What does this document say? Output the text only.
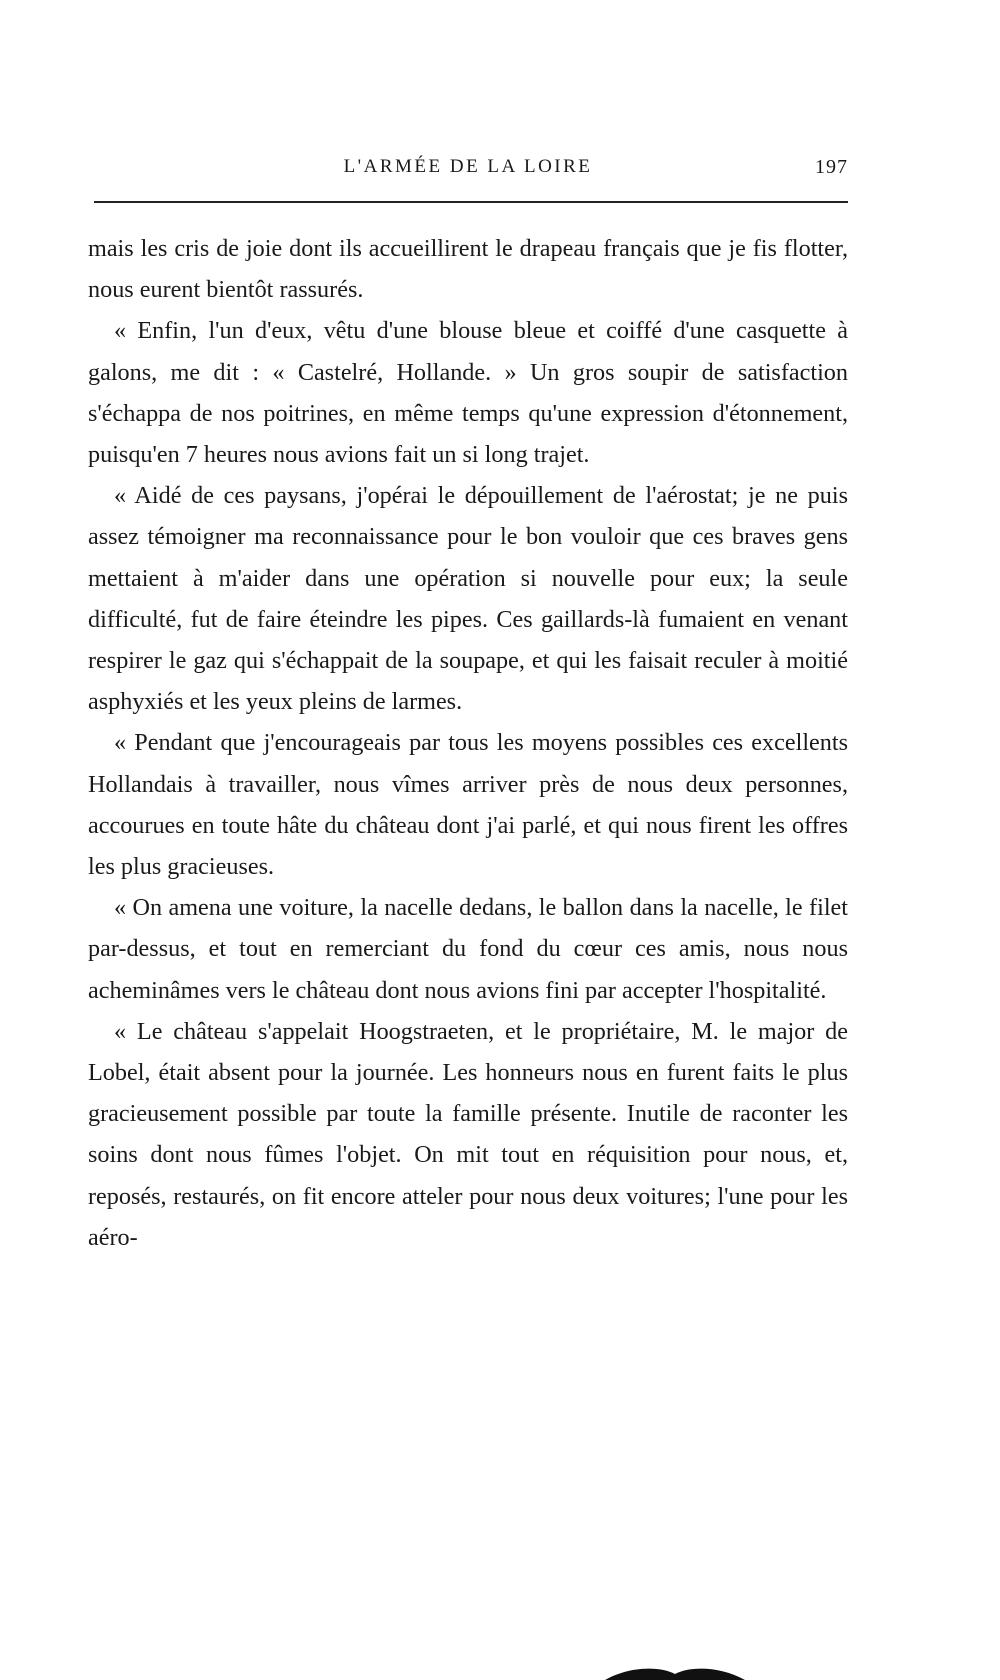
L'ARMÉE DE LA LOIRE	197

mais les cris de joie dont ils accueillirent le drapeau français que je fis flotter, nous eurent bientôt rassurés.

« Enfin, l'un d'eux, vêtu d'une blouse bleue et coiffé d'une casquette à galons, me dit : « Castelré, Hollande. » Un gros soupir de satisfaction s'échappa de nos poitrines, en même temps qu'une expression d'étonnement, puisqu'en 7 heures nous avions fait un si long trajet.

« Aidé de ces paysans, j'opérai le dépouillement de l'aérostat; je ne puis assez témoigner ma reconnaissance pour le bon vouloir que ces braves gens mettaient à m'aider dans une opération si nouvelle pour eux; la seule difficulté, fut de faire éteindre les pipes. Ces gaillards-là fumaient en venant respirer le gaz qui s'échappait de la soupape, et qui les faisait reculer à moitié asphyxiés et les yeux pleins de larmes.

« Pendant que j'encourageais par tous les moyens possibles ces excellents Hollandais à travailler, nous vîmes arriver près de nous deux personnes, accourues en toute hâte du château dont j'ai parlé, et qui nous firent les offres les plus gracieuses.

« On amena une voiture, la nacelle dedans, le ballon dans la nacelle, le filet par-dessus, et tout en remerciant du fond du cœur ces amis, nous nous acheminâmes vers le château dont nous avions fini par accepter l'hospitalité.

« Le château s'appelait Hoogstraeten, et le propriétaire, M. le major de Lobel, était absent pour la journée. Les honneurs nous en furent faits le plus gracieusement possible par toute la famille présente. Inutile de raconter les soins dont nous fûmes l'objet. On mit tout en réquisition pour nous, et, reposés, restaurés, on fit encore atteler pour nous deux voitures; l'une pour les aéro-
